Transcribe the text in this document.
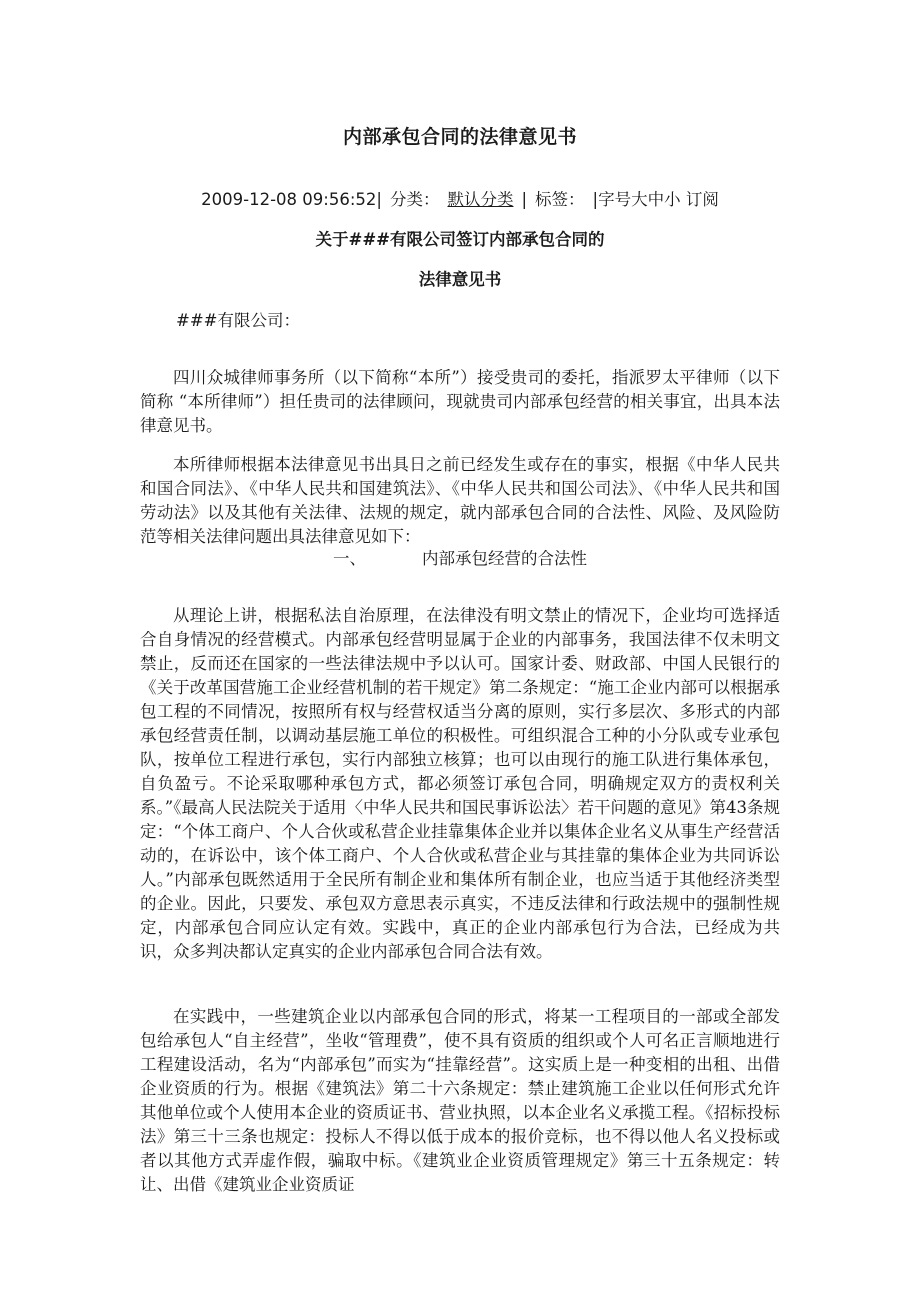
内部承包合同的法律意见书
2009-12-08 09:56:52| 分类： 默认分类 | 标签： |字号大中小 订阅
关于###有限公司签订内部承包合同的
法律意见书
###有限公司：

四川众城律师事务所（以下简称“本所”）接受贵司的委托，指派罗太平律师（以下简称 “本所律师”）担任贵司的法律顾问，现就贵司内部承包经营的相关事宜，出具本法律意见书。

本所律师根据本法律意见书出具日之前已经发生或存在的事实，根据《中华人民共和国合同法》、《中华人民共和国建筑法》、《中华人民共和国公司法》、《中华人民共和国劳动法》以及其他有关法律、法规的规定，就内部承包合同的合法性、风险、及风险防范等相关法律问题出具法律意见如下：

一、	内部承包经营的合法性

从理论上讲，根据私法自治原理，在法律没有明文禁止的情况下，企业均可选择适合自身情况的经营模式。内部承包经营明显属于企业的内部事务，我国法律不仅未明文禁止，反而还在国家的一些法律法规中予以认可。国家计委、财政部、中国人民银行的《关于改革国营施工企业经营机制的若干规定》第二条规定：“施工企业内部可以根据承包工程的不同情况，按照所有权与经营权适当分离的原则，实行多层次、多形式的内部承包经营责任制，以调动基层施工单位的积极性。可组织混合工种的小分队或专业承包队，按单位工程进行承包，实行内部独立核算；也可以由现行的施工队进行集体承包，自负盈亏。不论采取哪种承包方式，都必须签订承包合同，明确规定双方的责权利关系。”《最高人民法院关于适用〈中华人民共和国民事诉讼法〉若干问题的意见》第43条规定：“个体工商户、个人合伙或私营企业挂靠集体企业并以集体企业名义从事生产经营活动的，在诉讼中，该个体工商户、个人合伙或私营企业与其挂靠的集体企业为共同诉讼人。”内部承包既然适用于全民所有制企业和集体所有制企业，也应当适于其他经济类型的企业。因此，只要发、承包双方意思表示真实，不违反法律和行政法规中的强制性规定，内部承包合同应认定有效。实践中，真正的企业内部承包行为合法，已经成为共识，众多判决都认定真实的企业内部承包合同合法有效。

在实践中，一些建筑企业以内部承包合同的形式，将某一工程项目的一部或全部发包给承包人“自主经营”，坐收“管理费”，使不具有资质的组织或个人可名正言顺地进行工程建设活动，名为“内部承包”而实为“挂靠经营”。这实质上是一种变相的出租、出借企业资质的行为。根据《建筑法》第二十六条规定：禁止建筑施工企业以任何形式允许其他单位或个人使用本企业的资质证书、营业执照，以本企业名义承揽工程。《招标投标法》第三十三条也规定：投标人不得以低于成本的报价竞标，也不得以他人名义投标或者以其他方式弄虚作假，骗取中标。《建筑业企业资质管理规定》第三十五条规定：转让、出借《建筑业企业资质证
